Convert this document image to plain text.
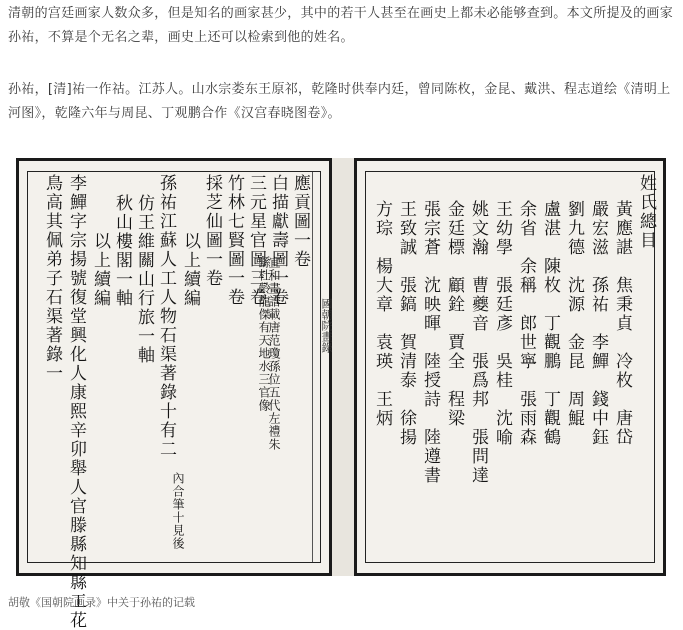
清朝的宫廷画家人数众多，但是知名的画家甚少，其中的若干人甚至在画史上都未必能够查到。本文所提及的画家孙祐，不算是个无名之辈，画史上还可以检索到他的姓名。

孙祐，[清]祐一作祜。江苏人。山水宗娄东王原祁，乾隆时供奉内廷，曾同陈枚，金昆、戴洪、程志道绘《清明上河图》，乾隆六年与周昆、丁观鹏合作《汉宫春晓图卷》。

應貢圖一卷
白描獻壽圖一卷
三元星官圖三卷
竹林七賢圖一卷
採芝仙圖一卷
以上續編
孫祐江蘇人工人物石渠著錄十有二
仿王維關山行旅一軸
秋山樓閣一軸
以上續編
李鱓字宗揚號復堂興化人康熙辛卯舉人官滕縣知縣工花
鳥高其佩弟子石渠著錄一	宜和畫譜載唐范瓊孫位五代左禮朱
繇杜齡龍傑有天地水三官像
內合筆十見後
姓氏總目
黃應諶　焦秉貞　冷枚　唐岱
嚴宏滋　孫祐　李鱓　錢中鈺
劉九德　沈源　金昆　周鯤
盧湛　陳枚　丁觀鵬　丁觀鶴
余省　余稱　郎世寧　張雨森
王幼學　張廷彥　吳桂　沈喻
姚文瀚　曹夔音　張爲邦　張問達
金廷標　顧銓　賈全　程梁
張宗蒼　沈映暉　陸授詩　陸遵書
王致誠　張鎬　賀清泰　徐揚
方琮　楊大章　袁瑛　王炳
國朝院畫錄

胡敬《国朝院画录》中关于孙祐的记载
